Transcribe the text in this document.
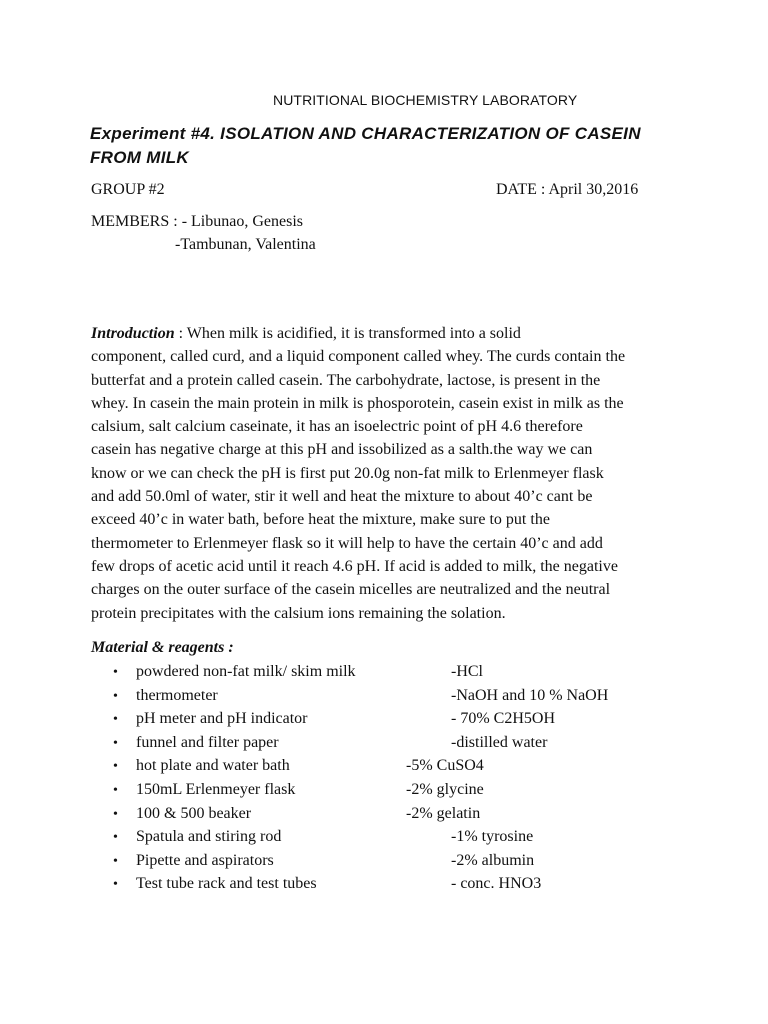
NUTRITIONAL BIOCHEMISTRY LABORATORY
Experiment #4. ISOLATION AND CHARACTERIZATION OF CASEIN FROM MILK
GROUP #2	DATE : April 30,2016
MEMBERS : - Libunao, Genesis
-Tambunan, Valentina
Introduction : When milk is acidified, it is transformed into a solid
component, called curd, and a liquid component called whey. The curds contain the
butterfat and a protein called casein. The carbohydrate, lactose, is present in the
whey. In casein the main protein in milk is phosporotein, casein exist in milk as the
calsium, salt calcium caseinate, it has an isoelectric point of pH 4.6 therefore
casein has negative charge at this pH and issobilized as a salth.the way we can
know or we can check the pH is first put 20.0g non-fat milk to Erlenmeyer flask
and add 50.0ml of water, stir it well and heat the mixture to about 40’c cant be
exceed 40’c in water bath, before heat the mixture, make sure to put the
thermometer to Erlenmeyer flask so it will help to have the certain 40’c and add
few drops of acetic acid until it reach 4.6 pH. If acid is added to milk, the negative
charges on the outer surface of the casein micelles are neutralized and the neutral
protein precipitates with the calsium ions remaining the solation.
Material & reagents :
• powdered non-fat milk/ skim milk	-HCl
• thermometer	-NaOH and 10 % NaOH
• pH meter and pH indicator	- 70% C2H5OH
• funnel and filter paper	-distilled water
• hot plate and water bath	-5% CuSO4
• 150mL Erlenmeyer flask	-2% glycine
• 100 & 500 beaker	-2% gelatin
• Spatula and stiring rod	-1% tyrosine
• Pipette and aspirators	-2% albumin
• Test tube rack and test tubes	- conc. HNO3
